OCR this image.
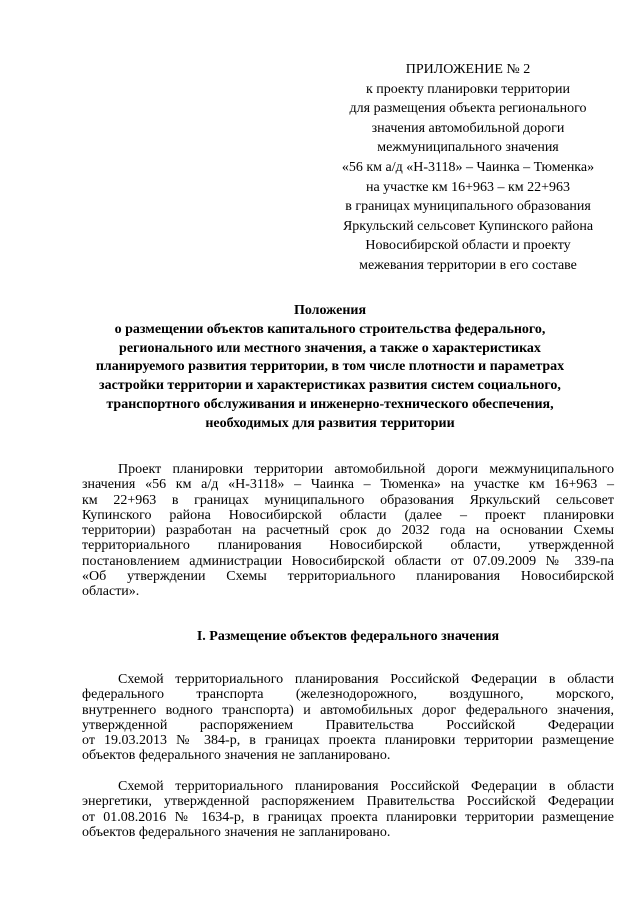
ПРИЛОЖЕНИЕ № 2
к проекту планировки территории
для размещения объекта регионального
значения автомобильной дороги
межмуниципального значения
«56 км а/д «Н-3118» – Чаинка – Тюменка»
на участке км 16+963 – км 22+963
в границах муниципального образования
Яркульский сельсовет Купинского района
Новосибирской области и проекту
межевания территории в его составе
Положения
о размещении объектов капитального строительства федерального,
регионального или местного значения, а также о характеристиках
планируемого развития территории, в том числе плотности и параметрах
застройки территории и характеристиках развития систем социального,
транспортного обслуживания и инженерно-технического обеспечения,
необходимых для развития территории
Проект планировки территории автомобильной дороги межмуниципального
значения «56 км а/д «Н-3118» – Чаинка – Тюменка» на участке км 16+963 –
км 22+963 в границах муниципального образования Яркульский сельсовет
Купинского района Новосибирской области (далее – проект планировки
территории) разработан на расчетный срок до 2032 года на основании Схемы
территориального планирования Новосибирской области, утвержденной
постановлением администрации Новосибирской области от 07.09.2009 № 339-па
«Об утверждении Схемы территориального планирования Новосибирской
области».
I. Размещение объектов федерального значения
Схемой территориального планирования Российской Федерации в области
федерального транспорта (железнодорожного, воздушного, морского,
внутреннего водного транспорта) и автомобильных дорог федерального значения,
утвержденной распоряжением Правительства Российской Федерации
от 19.03.2013 № 384-р, в границах проекта планировки территории размещение
объектов федерального значения не запланировано.
Схемой территориального планирования Российской Федерации в области
энергетики, утвержденной распоряжением Правительства Российской Федерации
от 01.08.2016 № 1634-р, в границах проекта планировки территории размещение
объектов федерального значения не запланировано.
